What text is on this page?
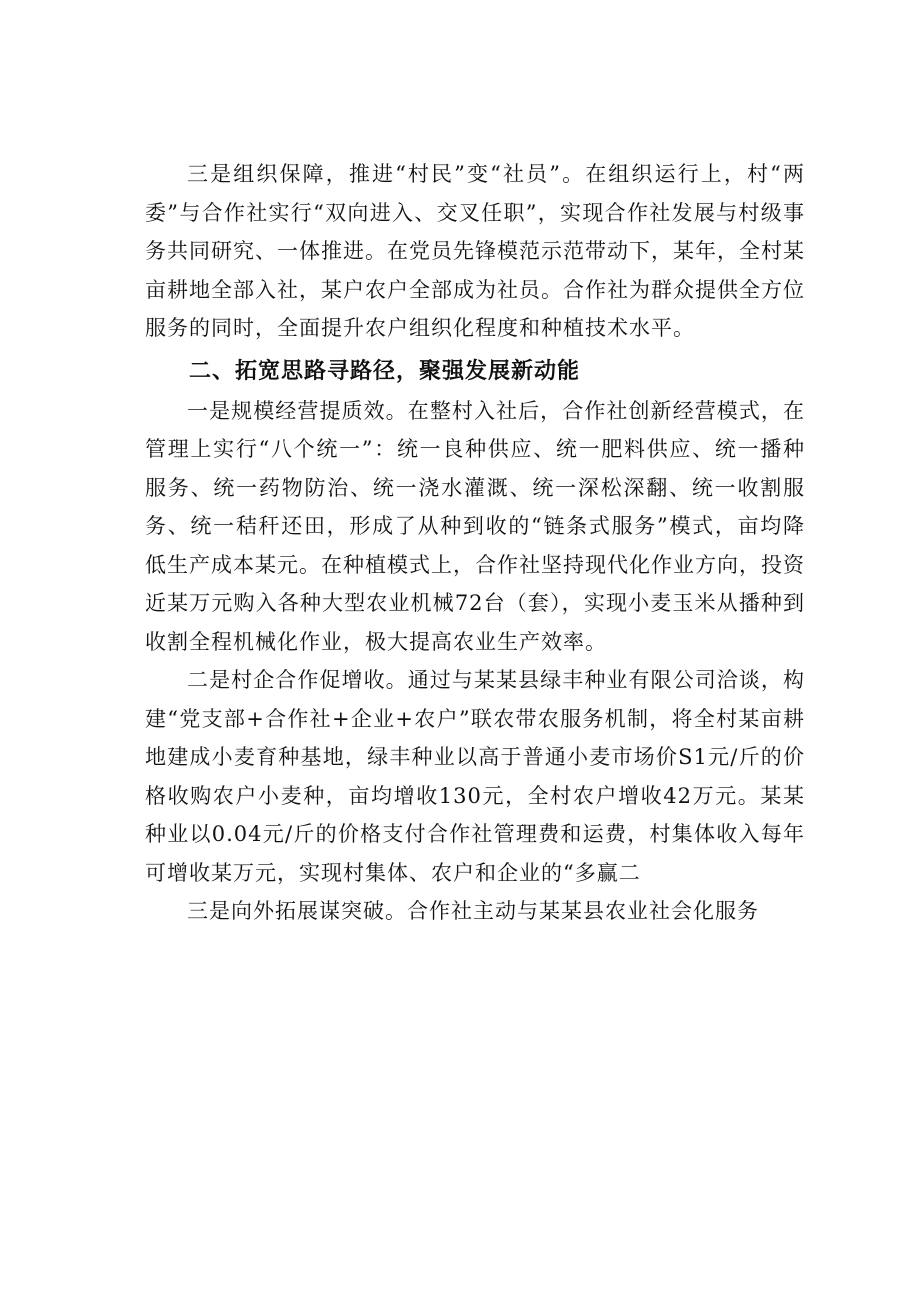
三是组织保障，推进“村民”变“社员”。在组织运行上，村“两委”与合作社实行“双向进入、交叉任职”，实现合作社发展与村级事务共同研究、一体推进。在党员先锋模范示范带动下，某年，全村某亩耕地全部入社，某户农户全部成为社员。合作社为群众提供全方位服务的同时，全面提升农户组织化程度和种植技术水平。

二、拓宽思路寻路径，聚强发展新动能

一是规模经营提质效。在整村入社后，合作社创新经营模式，在管理上实行“八个统一”：统一良种供应、统一肥料供应、统一播种服务、统一药物防治、统一浇水灌溉、统一深松深翻、统一收割服务、统一秸秆还田，形成了从种到收的“链条式服务”模式，亩均降低生产成本某元。在种植模式上，合作社坚持现代化作业方向，投资近某万元购入各种大型农业机械72台（套），实现小麦玉米从播种到收割全程机械化作业，极大提高农业生产效率。

二是村企合作促增收。通过与某某县绿丰种业有限公司洽谈，构建“党支部+合作社+企业+农户”联农带农服务机制，将全村某亩耕地建成小麦育种基地，绿丰种业以高于普通小麦市场价S1元/斤的价格收购农户小麦种，亩均增收130元，全村农户增收42万元。某某种业以0.04元/斤的价格支付合作社管理费和运费，村集体收入每年可增收某万元，实现村集体、农户和企业的“多赢二

三是向外拓展谋突破。合作社主动与某某县农业社会化服务
